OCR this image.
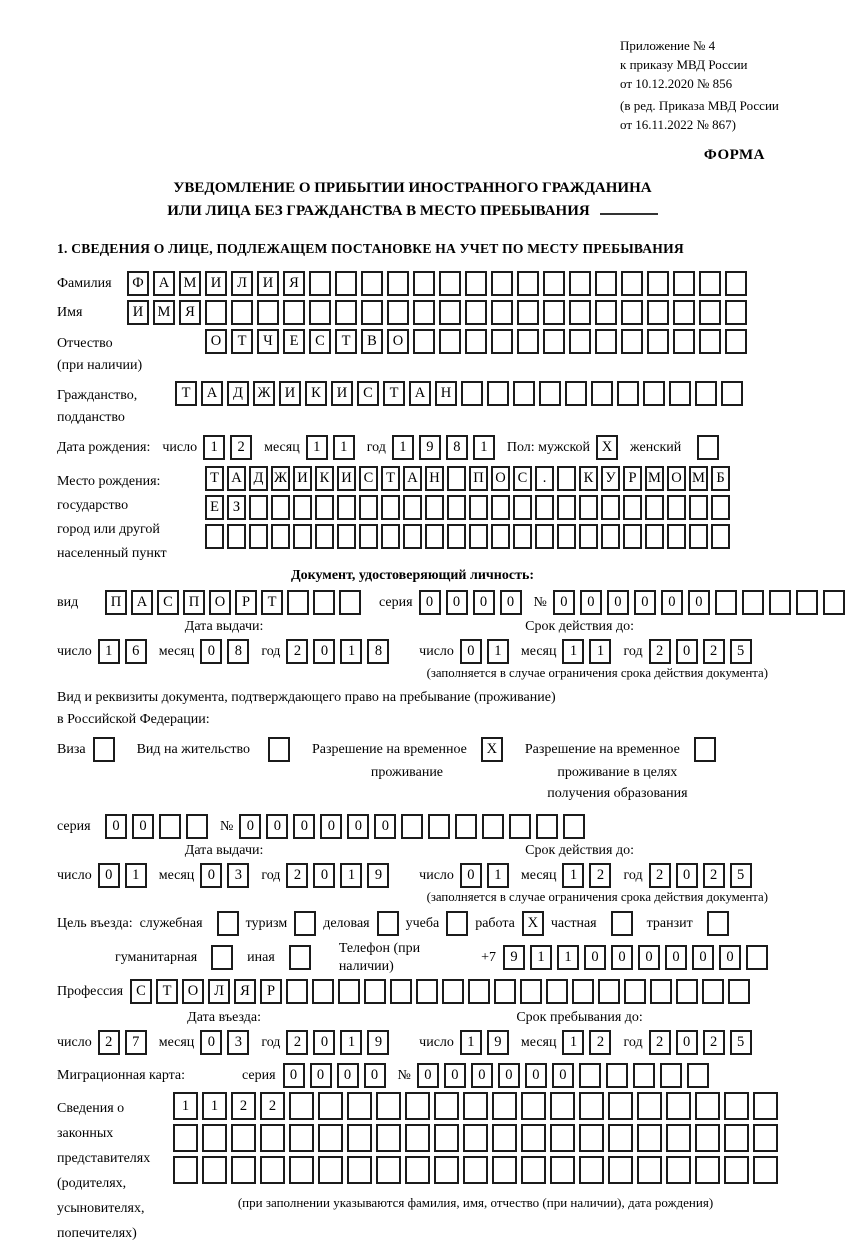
Приложение № 4
к приказу МВД России
от 10.12.2020 № 856
(в ред. Приказа МВД России
от 16.11.2022 № 867)
ФОРМА
УВЕДОМЛЕНИЕ О ПРИБЫТИИ ИНОСТРАННОГО ГРАЖДАНИНА
ИЛИ ЛИЦА БЕЗ ГРАЖДАНСТВА В МЕСТО ПРЕБЫВАНИЯ
1. СВЕДЕНИЯ О ЛИЦЕ, ПОДЛЕЖАЩЕМ ПОСТАНОВКЕ НА УЧЕТ ПО МЕСТУ ПРЕБЫВАНИЯ
Фамилия	Ф	А М И	Л	И	Я
Имя	И М	Я
Отчество
(при наличии)
О	Т	Ч	Е	С	Т	В	О
Гражданство,
подданство
Т	А	Д	Ж И	К	И	С	Т	А	Н
Дата рождения: число 1	2	месяц 1	1	год 1	9	8	1	Пол: мужской X	женский
Место рождения:
государство
город или другой
населенный пункт
Т А Д Ж И К И С Т А Н П О С	.	К У Р М О М Б
Е З
Документ, удостоверяющий личность:
вид	П	А	С	П	О	Р	Т	серия 0	0	0	0	№ 0	0	0	0	0	0
Дата выдачи:
число 1	6	месяц 0	8	год 2	0	1	8
Срок действия до:
число 0	1	месяц 1	1	год 2	0	2	5
(заполняется в случае ограничения срока действия документа)
Вид и реквизиты документа, подтверждающего право на пребывание (проживание)
в Российской Федерации:
Виза	Вид на жительство	Разрешение на временное	X
проживание
Разрешение на временное
проживание в целях
получения образования
серия	0	0	№ 0	0	0	0	0	0
Дата выдачи:
число 0	1	месяц 0	3	год 2	0	1	9
Срок действия до:
число 0	1	месяц 1	2	год 2	0	2	5
(заполняется в случае ограничения срока действия документа)
Цель въезда: служебная	туризм	деловая	учеба	работа X частная	транзит
гуманитарная	иная
Телефон (при наличии)
+7 9	1	1	0	0	0	0	0	0
Профессия С	Т	О	Л	Я	Р
Дата въезда:
число 2	7	месяц 0	3	год 2	0	1	9
Срок пребывания до:
число 1	9	месяц 1	2	год 2	0	2	5
Миграционная карта:	серия 0	0	0	0	№ 0	0	0	0	0	0
Сведения о
законных
представителях
(родителях,
усыновителях,
попечителях)
1	1	2	2
(при заполнении указываются фамилия, имя, отчество (при наличии), дата рождения)
